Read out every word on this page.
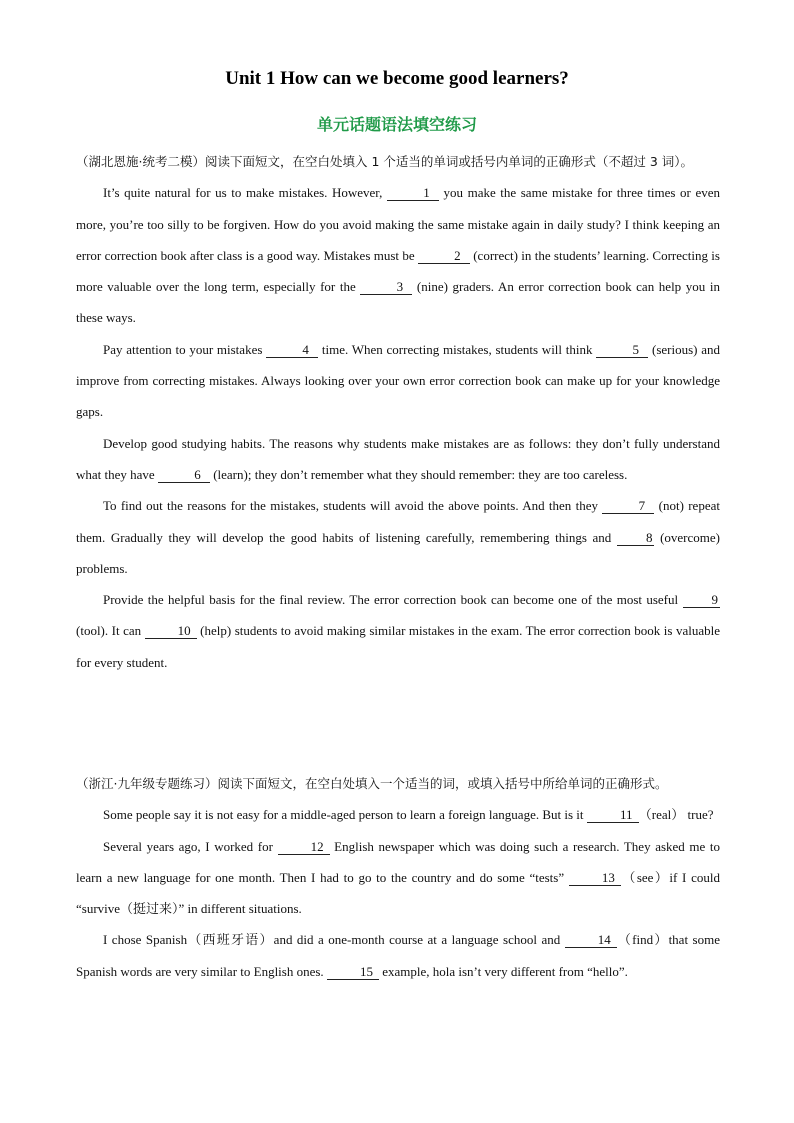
Unit 1 How can we become good learners?
单元话题语法填空练习

（湖北恩施·统考二模）阅读下面短文，在空白处填入 1 个适当的单词或括号内单词的正确形式（不超过 3 词）。

It’s quite natural for us to make mistakes. However,	1 you make the same mistake for three times or even more, you’re too silly to be forgiven. How do you avoid making the same mistake again in daily study? I think keeping an error correction book after class is a good way. Mistakes must be	2 (correct) in the students’ learning. Correcting is more valuable over the long term, especially for the	3 (nine) graders. An error correction book can help you in these ways.

Pay attention to your mistakes	4 time. When correcting mistakes, students will think	5 (serious) and improve from correcting mistakes. Always looking over your own error correction book can make up for your knowledge gaps.

Develop good studying habits. The reasons why students make mistakes are as follows: they don’t fully understand what they have	6 (learn); they don’t remember what they should remember: they are too careless.

To find out the reasons for the mistakes, students will avoid the above points. And then they	7 (not) repeat them. Gradually they will develop the good habits of listening carefully, remembering things and 8 (overcome) problems.

Provide the helpful basis for the final review. The error correction book can become one of the most useful 9 (tool). It can	10 (help) students to avoid making similar mistakes in the exam. The error correction book is valuable for every student.

（浙江·九年级专题练习）阅读下面短文，在空白处填入一个适当的词，或填入括号中所给单词的正确形式。

Some people say it is not easy for a middle-aged person to learn a foreign language. But is it	11 （real） true?

Several years ago, I worked for	12 English newspaper which was doing such a research. They asked me to learn a new language for one month. Then I had to go to the country and do some “tests”	13 （see）if I could “survive（挺过来）” in different situations.

I chose Spanish（西班牙语）and did a one-month course at a language school and	14 （find）that some Spanish words are very similar to English ones.	15 example, hola isn’t very different from “hello”.
